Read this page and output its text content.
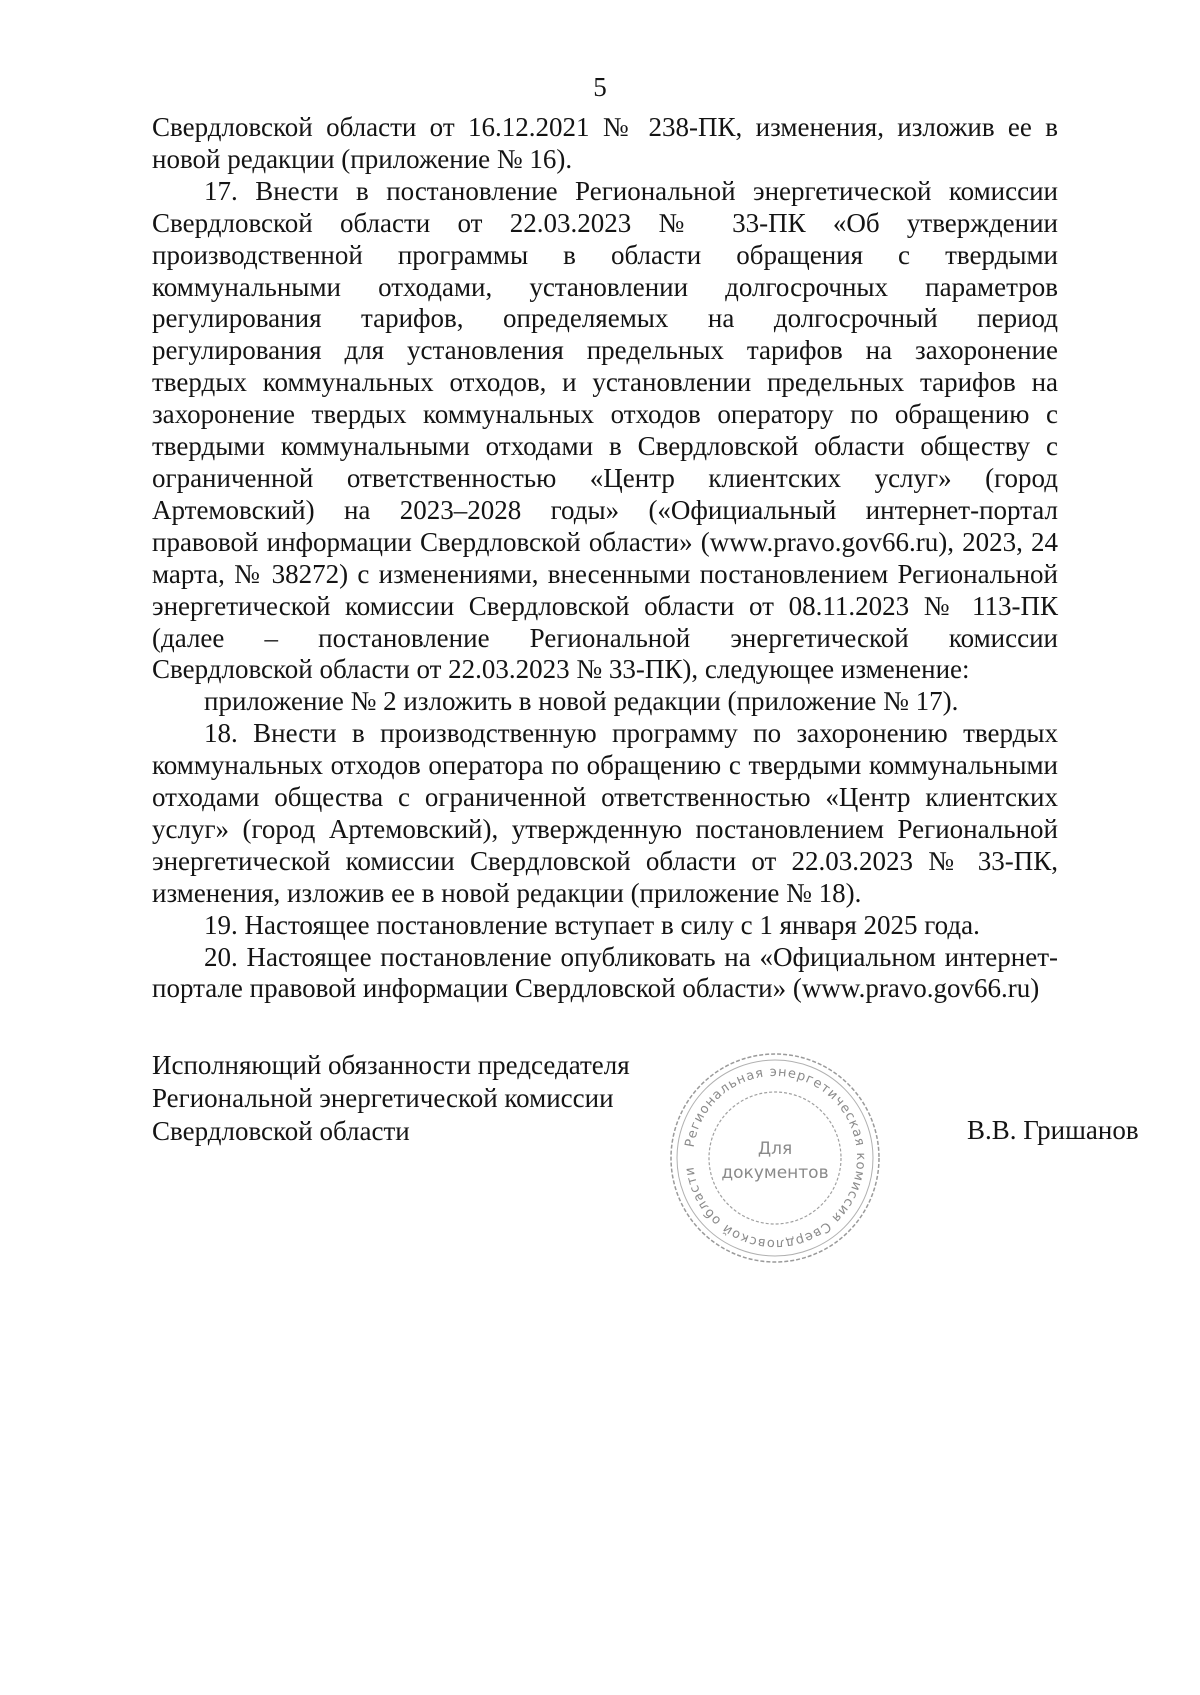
5

Свердловской области от 16.12.2021 № 238-ПК, изменения, изложив ее в новой редакции (приложение № 16).

17. Внести в постановление Региональной энергетической комиссии Свердловской области от 22.03.2023 № 33-ПК «Об утверждении производственной программы в области обращения с твердыми коммунальными отходами, установлении долгосрочных параметров регулирования тарифов, определяемых на долгосрочный период регулирования для установления предельных тарифов на захоронение твердых коммунальных отходов, и установлении предельных тарифов на захоронение твердых коммунальных отходов оператору по обращению с твердыми коммунальными отходами в Свердловской области обществу с ограниченной ответственностью «Центр клиентских услуг» (город Артемовский) на 2023–2028 годы» («Официальный интернет-портал правовой информации Свердловской области» (www.pravo.gov66.ru), 2023, 24 марта, № 38272) с изменениями, внесенными постановлением Региональной энергетической комиссии Свердловской области от 08.11.2023 № 113-ПК (далее – постановление Региональной энергетической комиссии Свердловской области от 22.03.2023 № 33-ПК), следующее изменение:

приложение № 2 изложить в новой редакции (приложение № 17).

18. Внести в производственную программу по захоронению твердых коммунальных отходов оператора по обращению с твердыми коммунальными отходами общества с ограниченной ответственностью «Центр клиентских услуг» (город Артемовский), утвержденную постановлением Региональной энергетической комиссии Свердловской области от 22.03.2023 № 33-ПК, изменения, изложив ее в новой редакции (приложение № 18).

19. Настоящее постановление вступает в силу с 1 января 2025 года.

20. Настоящее постановление опубликовать на «Официальном интернет-портале правовой информации Свердловской области» (www.pravo.gov66.ru)

Исполняющий обязанности председателя
Региональной энергетической комиссии
Свердловской области	Региональная энергетическая комиссия Свердловской области
Для
документов
В.В. Гришанов
